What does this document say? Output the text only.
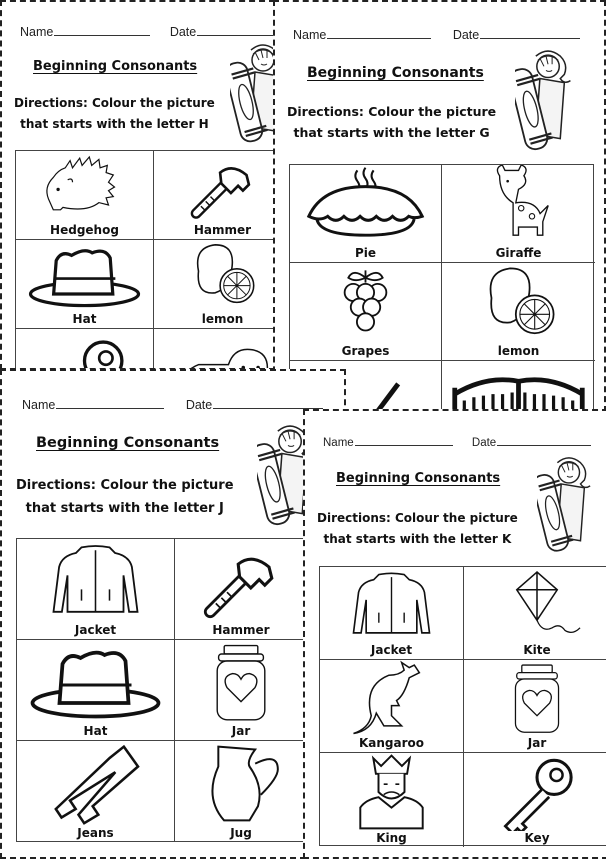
Name	Date
Beginning Consonants
Directions: Colour the picture
that starts with the letter H
Hedgehog	Hammer
Hat	lemon
Name	Date
Beginning Consonants
Directions: Colour the picture
that starts with the letter G
Pie	Giraffe
Grapes	lemon
Name	Date
Beginning Consonants
Directions: Colour the picture
that starts with the letter J
Jacket	Hammer
Hat	Jar
Jeans	Jug
Name	Date
Beginning Consonants
Directions: Colour the picture
that starts with the letter K
Jacket	Kite
Kangaroo	Jar
King	Key
